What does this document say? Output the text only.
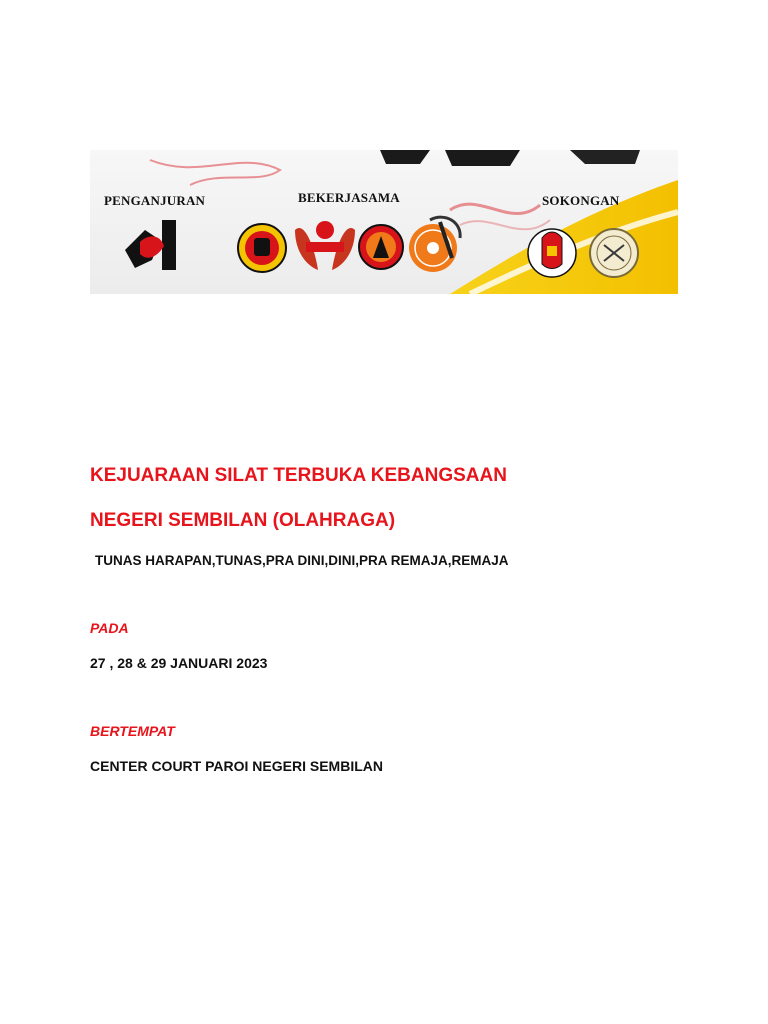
PENGANJURAN	BEKERJASAMA	SOKONGAN
KEJUARAAN SILAT TERBUKA KEBANGSAAN
NEGERI SEMBILAN (OLAHRAGA)
TUNAS HARAPAN,TUNAS,PRA DINI,DINI,PRA REMAJA,REMAJA
PADA
27 , 28 & 29 JANUARI 2023
BERTEMPAT
CENTER COURT PAROI NEGERI SEMBILAN
